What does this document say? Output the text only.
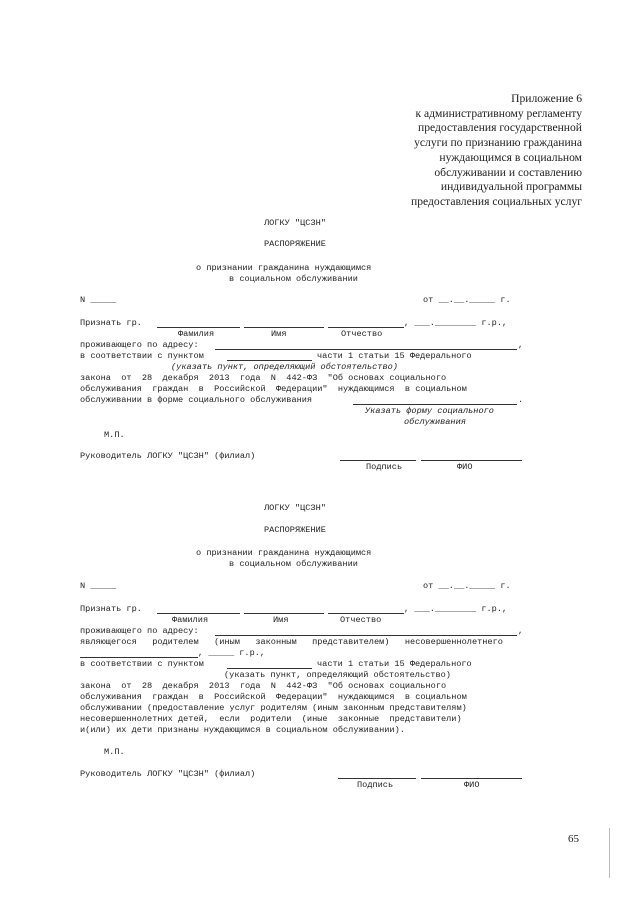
Приложение 6
к административному регламенту
предоставления государственной
услуги по признанию гражданина
нуждающимся в социальном
обслуживании и составлению
индивидуальной программы
предоставления социальных услуг
ЛОГКУ "ЦСЗН"
РАСПОРЯЖЕНИЕ
о признании гражданина нуждающимся
в социальном обслуживании
N _____	от __.__._____ г.
Признать гр.	, ___.________ г.р.,
Фамилия	Имя	Отчество
проживающего по адресу:	,
в соответствии с пунктом	части 1 статьи 15 Федерального
(указать пункт, определяющий обстоятельство)
закона  от  28  декабря  2013  года  N  442-ФЗ  "Об основах социального
обслуживания  граждан  в  Российской  Федерации"  нуждающимся  в социальном
обслуживании в форме социального обслуживания	.
Указать форму социального
обслуживания
М.П.
Руководитель ЛОГКУ "ЦСЗН" (филиал)
Подпись	ФИО
ЛОГКУ "ЦСЗН"
РАСПОРЯЖЕНИЕ
о признании гражданина нуждающимся
в социальном обслуживании
N _____	от __.__._____ г.
Признать гр.	, ___.________ г.р.,
Фамилия	Имя	Отчество
проживающего по адресу:	,
являющегося   родителем   (иным   законным   представителем)   несовершеннолетнего
, _____ г.р.,
в соответствии с пунктом	части 1 статьи 15 Федерального
(указать пункт, определяющий обстоятельство)
закона  от  28  декабря  2013  года  N  442-ФЗ  "Об основах социального
обслуживания  граждан  в  Российской  Федерации"  нуждающимся  в социальном
обслуживании (предоставление услуг родителям (иным законным представителям)
несовершеннолетних детей,  если  родители  (иные  законные  представители)
и(или) их дети признаны нуждающимся в социальном обслуживании).
М.П.
Руководитель ЛОГКУ "ЦСЗН" (филиал)
Подпись	ФИО
65
